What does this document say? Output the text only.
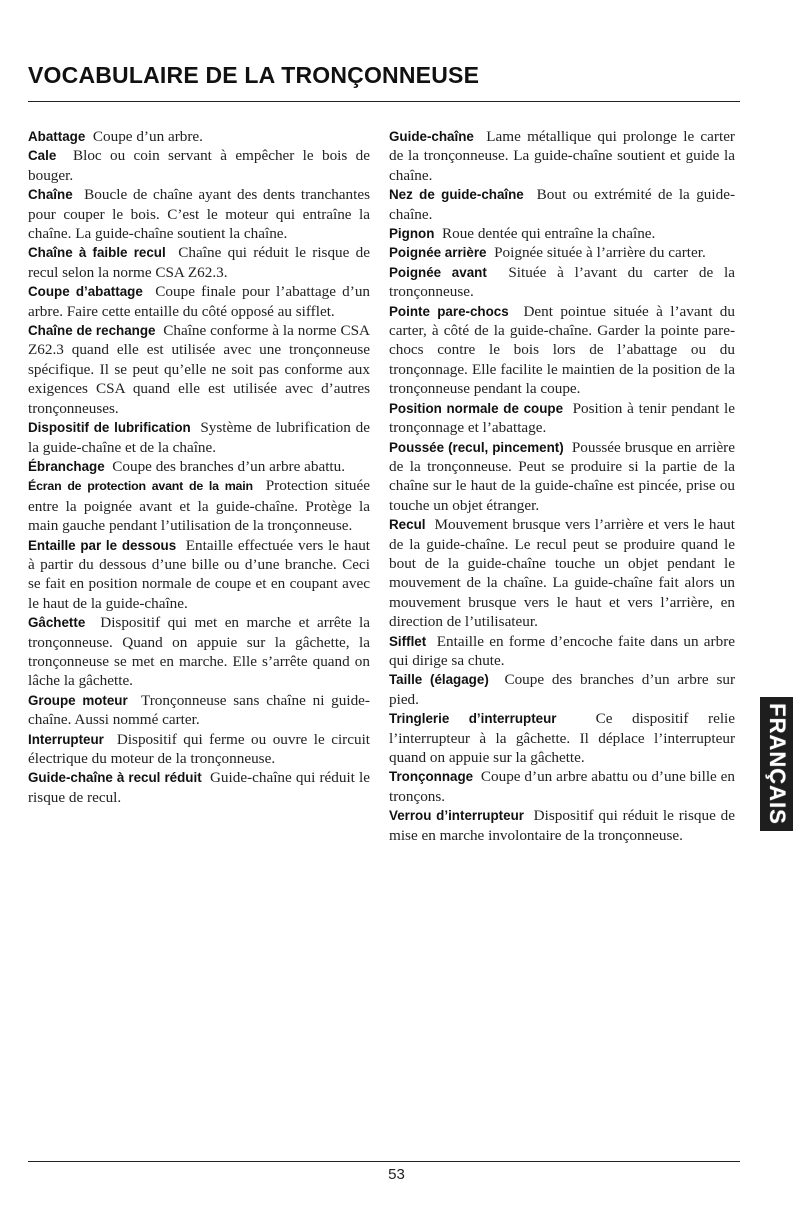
VOCABULAIRE DE LA TRONÇONNEUSE

Abattage Coupe d’un arbre.

Cale Bloc ou coin servant à empêcher le bois de bouger.

Chaîne Boucle de chaîne ayant des dents tranchantes pour couper le bois. C’est le moteur qui entraîne la chaîne. La guide-chaîne soutient la chaîne.

Chaîne à faible recul Chaîne qui réduit le risque de recul selon la norme CSA Z62.3.

Coupe d’abattage Coupe finale pour l’abattage d’un arbre. Faire cette entaille du côté opposé au sifflet.

Chaîne de rechange Chaîne conforme à la norme CSA Z62.3 quand elle est utilisée avec une tronçonneuse spécifique. Il se peut qu’elle ne soit pas conforme aux exigences CSA quand elle est utilisée avec d’autres tronçonneuses.

Dispositif de lubrification Système de lubrification de la guide-chaîne et de la chaîne.

Ébranchage Coupe des branches d’un arbre abattu.

Écran de protection avant de la main Protection située entre la poignée avant et la guide-chaîne. Protège la main gauche pendant l’utilisation de la tronçonneuse.

Entaille par le dessous Entaille effectuée vers le haut à partir du dessous d’une bille ou d’une branche. Ceci se fait en position normale de coupe et en coupant avec le haut de la guide-chaîne.

Gâchette Dispositif qui met en marche et arrête la tronçonneuse. Quand on appuie sur la gâchette, la tronçonneuse se met en marche. Elle s’arrête quand on lâche la gâchette.

Groupe moteur Tronçonneuse sans chaîne ni guide-chaîne. Aussi nommé carter.

Interrupteur Dispositif qui ferme ou ouvre le circuit électrique du moteur de la tronçonneuse.

Guide-chaîne à recul réduit Guide-chaîne qui réduit le risque de recul.

Guide-chaîne Lame métallique qui prolonge le carter de la tronçonneuse. La guide-chaîne soutient et guide la chaîne.

Nez de guide-chaîne Bout ou extrémité de la guide-chaîne.

Pignon Roue dentée qui entraîne la chaîne.

Poignée arrière Poignée située à l’arrière du carter.

Poignée avant Située à l’avant du carter de la tronçonneuse.

Pointe pare-chocs Dent pointue située à l’avant du carter, à côté de la guide-chaîne. Garder la pointe pare-chocs contre le bois lors de l’abattage ou du tronçonnage. Elle facilite le maintien de la position de la tronçonneuse pendant la coupe.

Position normale de coupe Position à tenir pendant le tronçonnage et l’abattage.

Poussée (recul, pincement) Poussée brusque en arrière de la tronçonneuse. Peut se produire si la partie de la chaîne sur le haut de la guide-chaîne est pincée, prise ou touche un objet étranger.

Recul Mouvement brusque vers l’arrière et vers le haut de la guide-chaîne. Le recul peut se produire quand le bout de la guide-chaîne touche un objet pendant le mouvement de la chaîne. La guide-chaîne fait alors un mouvement brusque vers le haut et vers l’arrière, en direction de l’utilisateur.

Sifflet Entaille en forme d’encoche faite dans un arbre qui dirige sa chute.

Taille (élagage) Coupe des branches d’un arbre sur pied.

Tringlerie d’interrupteur	Ce dispositif relie l’interrupteur à la gâchette. Il déplace l’interrupteur quand on appuie sur la gâchette.

Tronçonnage Coupe d’un arbre abattu ou d’une bille en tronçons.

Verrou d’interrupteur Dispositif qui réduit le risque de mise en marche involontaire de la tronçonneuse.

FRANÇAIS
53
